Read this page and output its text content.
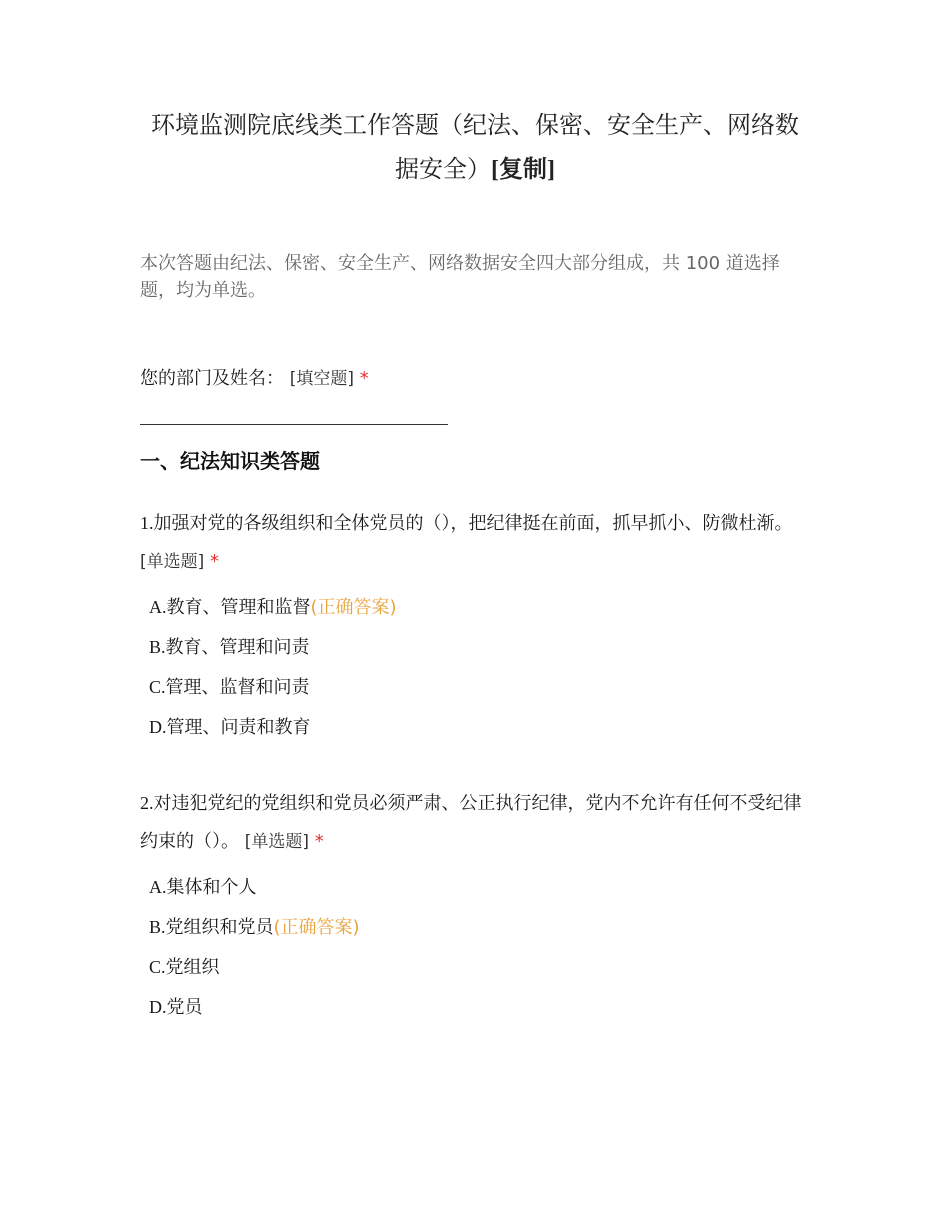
环境监测院底线类工作答题（纪法、保密、安全生产、网络数据安全）[复制]
本次答题由纪法、保密、安全生产、网络数据安全四大部分组成，共 100 道选择题，均为单选。
您的部门及姓名： [填空题] *
一、纪法知识类答题
1.加强对党的各级组织和全体党员的（），把纪律挺在前面，抓早抓小、防微杜渐。 [单选题] *
A.教育、管理和监督(正确答案)
B.教育、管理和问责
C.管理、监督和问责
D.管理、问责和教育
2.对违犯党纪的党组织和党员必须严肃、公正执行纪律，党内不允许有任何不受纪律约束的（）。 [单选题] *
A.集体和个人
B.党组织和党员(正确答案)
C.党组织
D.党员
